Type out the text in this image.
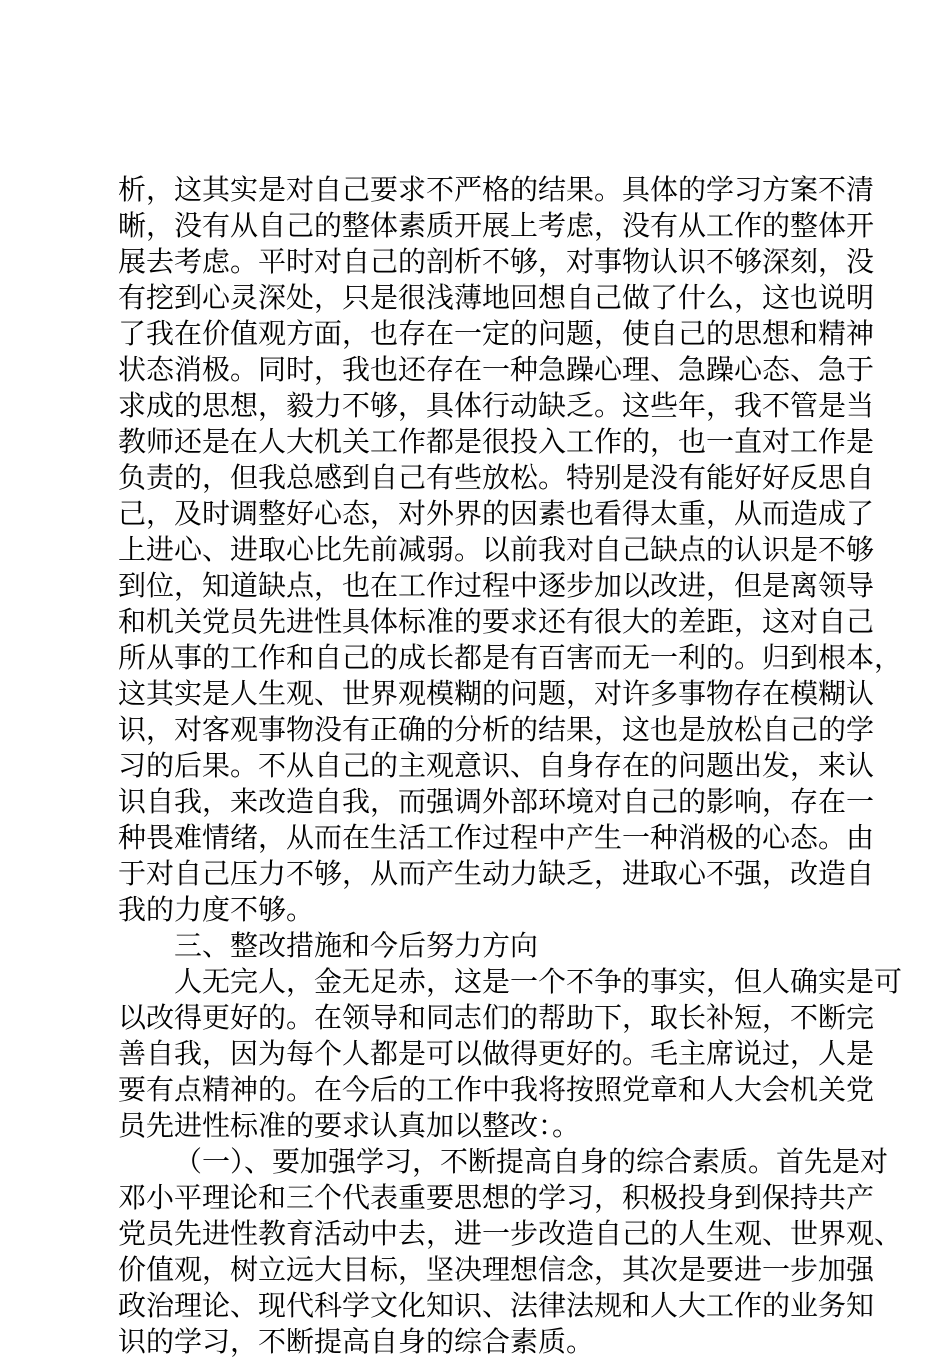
析，这其实是对自己要求不严格的结果。具体的学习方案不清
晰，没有从自己的整体素质开展上考虑，没有从工作的整体开
展去考虑。平时对自己的剖析不够，对事物认识不够深刻，没
有挖到心灵深处，只是很浅薄地回想自己做了什么，这也说明
了我在价值观方面，也存在一定的问题，使自己的思想和精神
状态消极。同时，我也还存在一种急躁心理、急躁心态、急于
求成的思想，毅力不够，具体行动缺乏。这些年，我不管是当
教师还是在人大机关工作都是很投入工作的，也一直对工作是
负责的，但我总感到自己有些放松。特别是没有能好好反思自
己，及时调整好心态，对外界的因素也看得太重，从而造成了
上进心、进取心比先前减弱。以前我对自己缺点的认识是不够
到位，知道缺点，也在工作过程中逐步加以改进，但是离领导
和机关党员先进性具体标准的要求还有很大的差距，这对自己
所从事的工作和自己的成长都是有百害而无一利的。归到根本，
这其实是人生观、世界观模糊的问题，对许多事物存在模糊认
识，对客观事物没有正确的分析的结果，这也是放松自己的学
习的后果。不从自己的主观意识、自身存在的问题出发，来认
识自我，来改造自我，而强调外部环境对自己的影响，存在一
种畏难情绪，从而在生活工作过程中产生一种消极的心态。由
于对自己压力不够，从而产生动力缺乏，进取心不强，改造自
我的力度不够。
三、整改措施和今后努力方向
人无完人，金无足赤，这是一个不争的事实，但人确实是可
以改得更好的。在领导和同志们的帮助下，取长补短，不断完
善自我，因为每个人都是可以做得更好的。毛主席说过，人是
要有点精神的。在今后的工作中我将按照党章和人大会机关党
员先进性标准的要求认真加以整改：。
（一）、要加强学习，不断提高自身的综合素质。首先是对
邓小平理论和三个代表重要思想的学习，积极投身到保持共产
党员先进性教育活动中去，进一步改造自己的人生观、世界观、
价值观，树立远大目标，坚决理想信念，其次是要进一步加强
政治理论、现代科学文化知识、法律法规和人大工作的业务知
识的学习，不断提高自身的综合素质。
